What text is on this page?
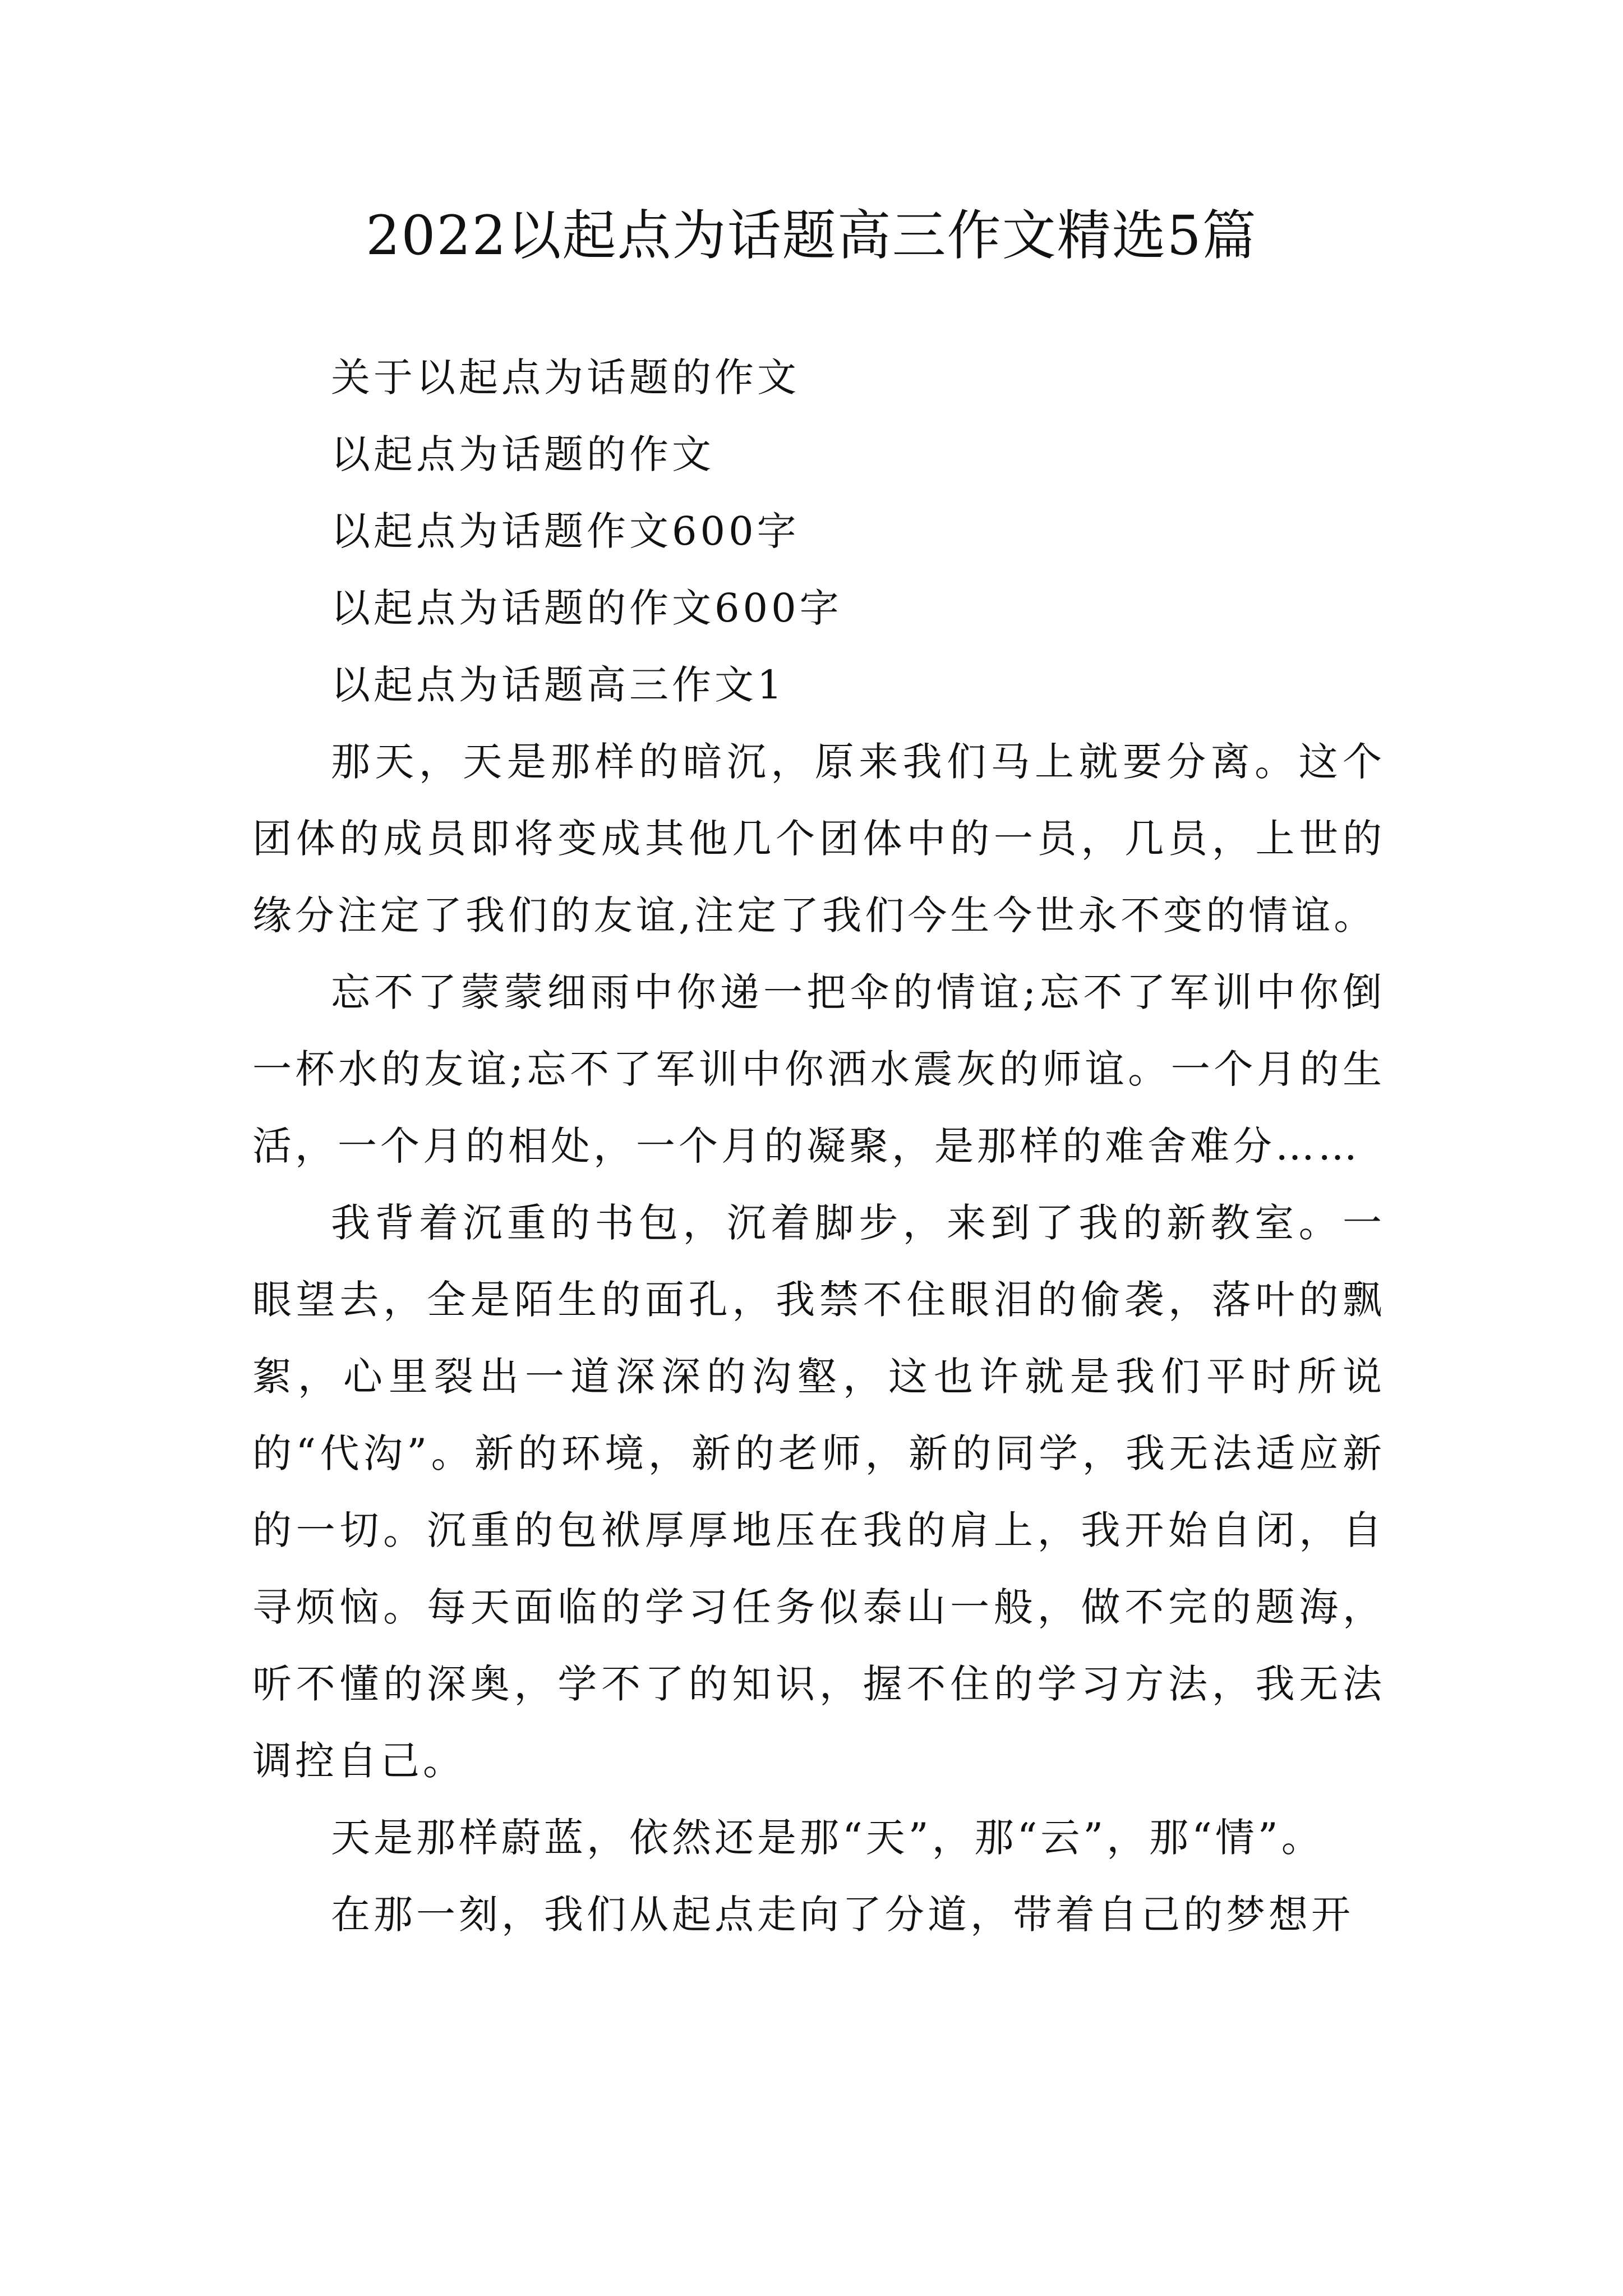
2022以起点为话题高三作文精选5篇

关于以起点为话题的作文

以起点为话题的作文

以起点为话题作文600字

以起点为话题的作文600字

以起点为话题高三作文1

那天，天是那样的暗沉，原来我们马上就要分离。这个团体的成员即将变成其他几个团体中的一员，几员，上世的缘分注定了我们的友谊,注定了我们今生今世永不变的情谊。

忘不了蒙蒙细雨中你递一把伞的情谊;忘不了军训中你倒一杯水的友谊;忘不了军训中你洒水震灰的师谊。一个月的生活，一个月的相处，一个月的凝聚，是那样的难舍难分……

我背着沉重的书包，沉着脚步，来到了我的新教室。一眼望去，全是陌生的面孔，我禁不住眼泪的偷袭，落叶的飘絮，心里裂出一道深深的沟壑，这也许就是我们平时所说的“代沟”。新的环境，新的老师，新的同学，我无法适应新的一切。沉重的包袱厚厚地压在我的肩上，我开始自闭，自寻烦恼。每天面临的学习任务似泰山一般，做不完的题海，听不懂的深奥，学不了的知识，握不住的学习方法，我无法调控自己。

天是那样蔚蓝，依然还是那“天”，那“云”，那“情”。

在那一刻，我们从起点走向了分道，带着自己的梦想开
